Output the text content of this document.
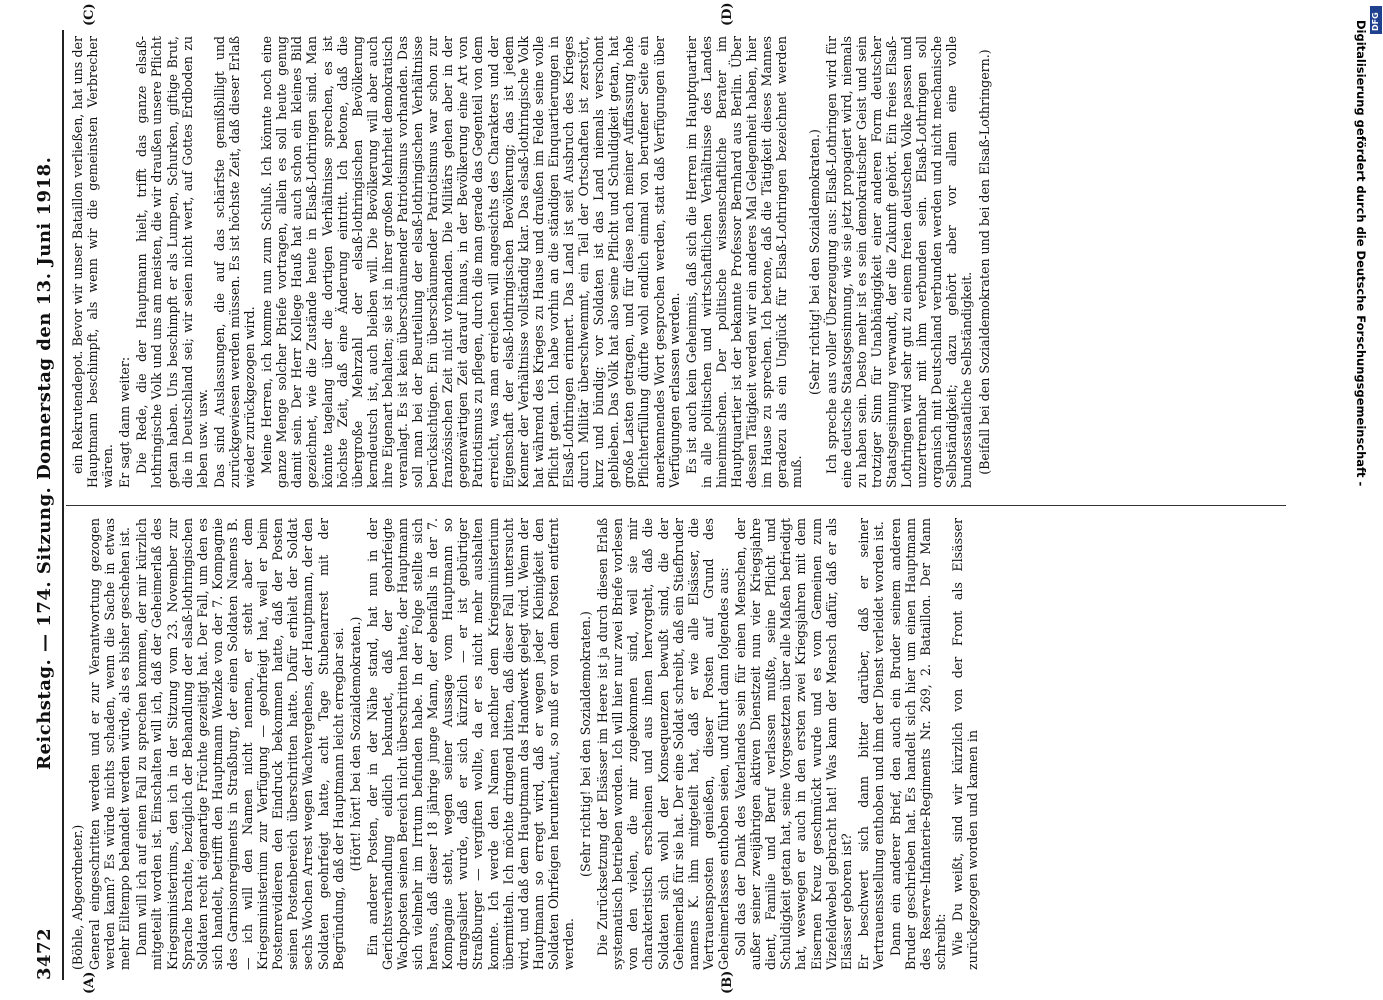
3472
Reichstag. — 174. Sitzung. Donnerstag den 13. Juni 1918.
(A)	(B)
(C)	(D)

(Böhle, Abgeordneter.) General eingeschritten werden und er zur Verantwortung gezogen werden kann? Es würde nichts schaden, wenn die Sache in etwas mehr Eiltempo behandelt werden würde, als es bisher geschehen ist. Dann will ich auf einen Fall zu sprechen kommen, der mir kürzlich mitgeteilt worden ist. Einschalten will ich, daß der Geheimerlaß des Kriegsministeriums, den ich in der Sitzung vom 23. November zur Sprache brachte, bezüglich der Behandlung der elsaß-lothringischen Soldaten recht eigenartige Früchte gezeitigt hat. Der Fall, um den es sich handelt, betrifft den Hauptmann Wenzke von der 7. Kompagnie des Garnisonregiments in Straßburg, der einen Soldaten Namens B. — ich will den Namen nicht nennen, er steht aber dem Kriegsministerium zur Verfügung — geohrfeigt hat, weil er beim Postenrevidieren den Eindruck bekommen hatte, daß der Posten seinen Postenbereich überschritten hatte. Dafür erhielt der Soldat sechs Wochen Arrest wegen Wachvergehens, der Hauptmann, der den Soldaten geohrfeigt hatte, acht Tage Stubenarrest mit der Begründung, daß der Hauptmann leicht erregbar sei. (Hört! hört! bei den Sozialdemokraten.) Ein anderer Posten, der in der Nähe stand, hat nun in der Gerichtsverhandlung eidlich bekundet, daß der geohrfeigte Wachposten seinen Bereich nicht überschritten hatte, der Hauptmann sich vielmehr im Irrtum befunden habe. In der Folge stellte sich heraus, daß dieser 18 jährige junge Mann, der ebenfalls in der 7. Kompagnie steht, wegen seiner Aussage vom Hauptmann so drangsaliert wurde, daß er sich kürzlich — er ist gebürtiger Straßburger — vergiften wollte, da er es nicht mehr aushalten konnte. Ich werde den Namen nachher dem Kriegsministerium übermitteln. Ich möchte dringend bitten, daß dieser Fall untersucht wird, und daß dem Hauptmann das Handwerk gelegt wird. Wenn der Hauptmann so erregt wird, daß er wegen jeder Kleinigkeit den Soldaten Ohrfeigen herunterhaut, so muß er von dem Posten entfernt werden.

(Sehr richtig! bei den Sozialdemokraten.) Die Zurücksetzung der Elsässer im Heere ist ja durch diesen Erlaß systematisch betrieben worden. Ich will hier nur zwei Briefe vorlesen von den vielen, die mir zugekommen sind, weil sie mir charakteristisch erscheinen und aus ihnen hervorgeht, daß die Soldaten sich wohl der Konsequenzen bewußt sind, die der Geheimerlaß für sie hat. Der eine Soldat schreibt, daß ein Stiefbruder namens K. ihm mitgeteilt hat, daß er wie alle Elsässer, die Vertrauensposten genießen, dieser Posten auf Grund des Geheimerlasses enthoben seien, und führt dann folgendes aus: Soll das der Dank des Vaterlandes sein für einen Menschen, der außer seiner zweijährigen aktiven Dienstzeit nun vier Kriegsjahre dient, Familie und Beruf verlassen mußte, seine Pflicht und Schuldigkeit getan hat, seine Vorgesetzten über alle Maßen befriedigt hat, weswegen er auch in den ersten zwei Kriegsjahren mit dem Eisernen Kreuz geschmückt wurde und es vom Gemeinen zum Vizefeldwebel gebracht hat! Was kann der Mensch dafür, daß er als Elsässer geboren ist? Er beschwert sich dann bitter darüber, daß er seiner Vertrauensstellung enthoben und ihm der Dienst verleidet worden ist. Dann ein anderer Brief, den auch ein Bruder seinem anderen Bruder geschrieben hat. Es handelt sich hier um einen Hauptmann des Reserve-Infanterie-Regiments Nr. 269, 2. Bataillon. Der Mann schreibt: Wie Du weißt, sind wir kürzlich von der Front als Elsässer zurückgezogen worden und kamen in

ein Rekrutendepot. Bevor wir unser Bataillon verließen, hat uns der Hauptmann beschimpft, als wenn wir die gemeinsten Verbrecher wären. Er sagt dann weiter: Die Rede, die der Hauptmann hielt, trifft das ganze elsaß-lothringische Volk und uns am meisten, die wir draußen unsere Pflicht getan haben. Uns beschimpft er als Lumpen, Schurken, giftige Brut, die in Deutschland sei; wir seien nicht wert, auf Gottes Erdboden zu leben usw. usw. Das sind Auslassungen, die auf das schärfste gemißbilligt und zurückgewiesen werden müssen. Es ist höchste Zeit, daß dieser Erlaß wieder zurückgezogen wird. Meine Herren, ich komme nun zum Schluß. Ich könnte noch eine ganze Menge solcher Briefe vortragen, allein es soll heute genug damit sein. Der Herr Kollege Hauß hat auch schon ein kleines Bild gezeichnet, wie die Zustände heute in Elsaß-Lothringen sind. Man könnte tagelang über die dortigen Verhältnisse sprechen, es ist höchste Zeit, daß eine Änderung eintritt. Ich betone, daß die übergroße Mehrzahl der elsaß-lothringischen Bevölkerung kerndeutsch ist, auch bleiben will. Die Bevölkerung will aber auch ihre Eigenart behalten; sie ist in ihrer großen Mehrheit demokratisch veranlagt. Es ist kein überschäumender Patriotismus vorhanden. Das soll man bei der Beurteilung der elsaß-lothringischen Verhältnisse berücksichtigen. Ein überschäumender Patriotismus war schon zur französischen Zeit nicht vorhanden. Die Militärs gehen aber in der gegenwärtigen Zeit darauf hinaus, in der Bevölkerung eine Art von Patriotismus zu pflegen, durch die man gerade das Gegenteil von dem erreicht, was man erreichen will angesichts des Charakters und der Eigenschaft der elsaß-lothringischen Bevölkerung; das ist jedem Kenner der Verhältnisse vollständig klar. Das elsaß-lothringische Volk hat während des Krieges zu Hause und draußen im Felde seine volle Pflicht getan. Ich habe vorhin an die ständigen Einquartierungen in Elsaß-Lothringen erinnert. Das Land ist seit Ausbruch des Krieges durch Militär überschwemmt, ein Teil der Ortschaften ist zerstört, kurz und bündig: vor Soldaten ist das Land niemals verschont geblieben. Das Volk hat also seine Pflicht und Schuldigkeit getan, hat große Lasten getragen, und für diese nach meiner Auffassung hohe Pflichterfüllung dürfte wohl endlich einmal von berufener Seite ein anerkennendes Wort gesprochen werden, statt daß Verfügungen über Verfügungen erlassen werden. Es ist auch kein Geheimnis, daß sich die Herren im Hauptquartier in alle politischen und wirtschaftlichen Verhältnisse des Landes hineinmischen. Der politische wissenschaftliche Berater im Hauptquartier ist der bekannte Professor Bernhard aus Berlin. Über dessen Tätigkeit werden wir ein anderes Mal Gelegenheit haben, hier im Hause zu sprechen. Ich betone, daß die Tätigkeit dieses Mannes geradezu als ein Unglück für Elsaß-Lothringen bezeichnet werden muß.

(Sehr richtig! bei den Sozialdemokraten.) Ich spreche aus voller Überzeugung aus: Elsaß-Lothringen wird für eine deutsche Staatsgesinnung, wie sie jetzt propagiert wird, niemals zu haben sein. Desto mehr ist es sein demokratischer Geist und sein trotziger Sinn für Unabhängigkeit einer anderen Form deutscher Staatsgesinnung verwandt, der die Zukunft gehört. Ein freies Elsaß-Lothringen wird sehr gut zu einem freien deutschen Volke passen und unzertrennbar mit ihm verbunden sein. Elsaß-Lothringen soll organisch mit Deutschland verbunden werden und nicht mechanische Selbständigkeit; dazu gehört aber vor allem eine volle bundesstaatliche Selbständigkeit. (Beifall bei den Sozialdemokraten und bei den Elsaß-Lothringern.)	Digitalisierung gefördert durch die Deutsche Forschungsgemeinschaft - DFG
